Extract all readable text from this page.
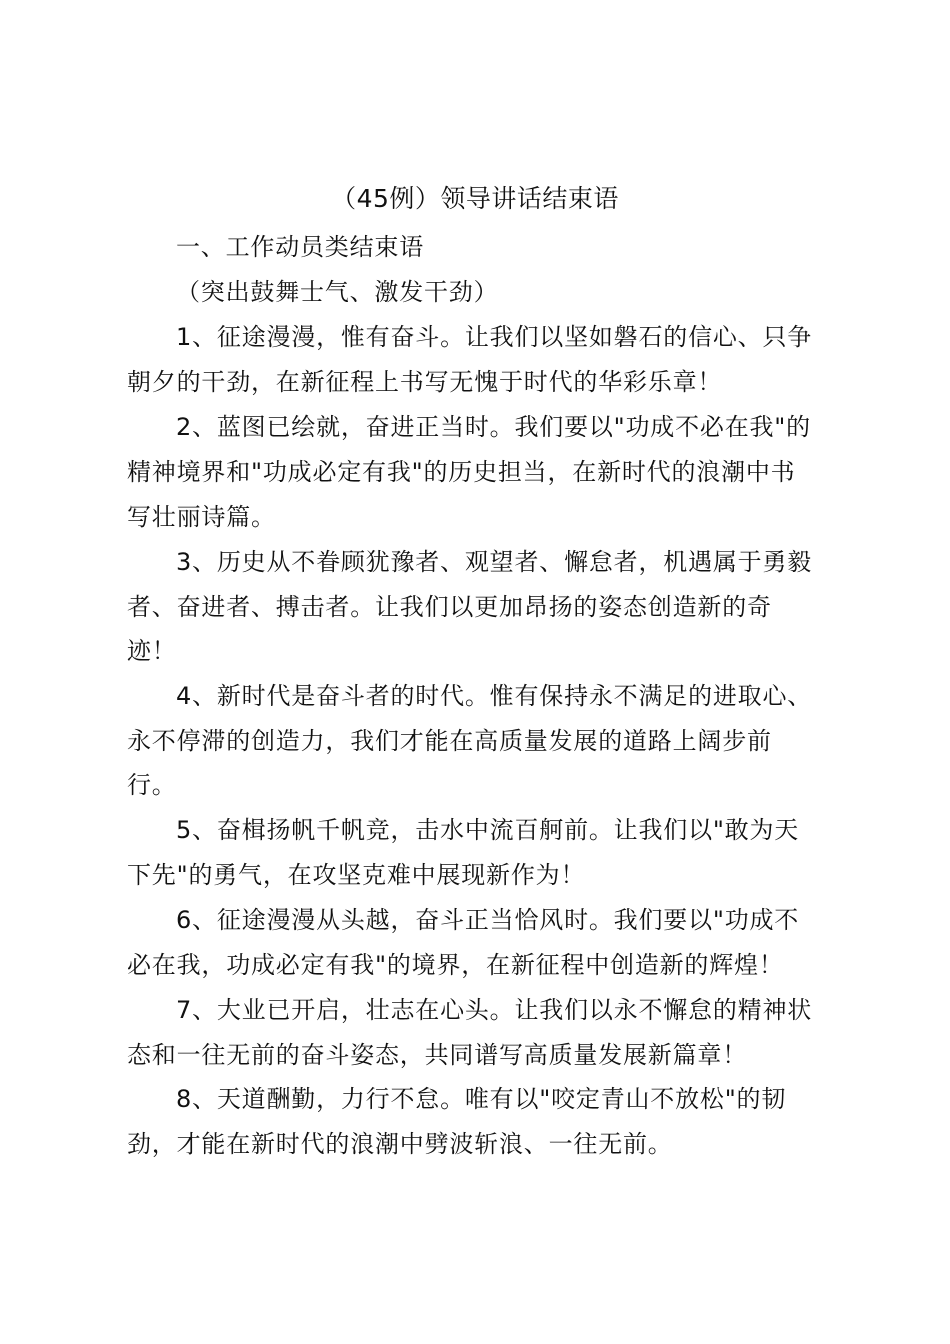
（45例）领导讲话结束语

一、工作动员类结束语

（突出鼓舞士气、激发干劲）

1、征途漫漫，惟有奋斗。让我们以坚如磐石的信心、只争

朝夕的干劲，在新征程上书写无愧于时代的华彩乐章！

2、蓝图已绘就，奋进正当时。我们要以"功成不必在我"的

精神境界和"功成必定有我"的历史担当，在新时代的浪潮中书

写壮丽诗篇。

3、历史从不眷顾犹豫者、观望者、懈怠者，机遇属于勇毅

者、奋进者、搏击者。让我们以更加昂扬的姿态创造新的奇

迹！

4、新时代是奋斗者的时代。惟有保持永不满足的进取心、

永不停滞的创造力，我们才能在高质量发展的道路上阔步前

行。

5、奋楫扬帆千帆竞，击水中流百舸前。让我们以"敢为天

下先"的勇气，在攻坚克难中展现新作为！

6、征途漫漫从头越，奋斗正当恰风时。我们要以"功成不

必在我，功成必定有我"的境界，在新征程中创造新的辉煌！

7、大业已开启，壮志在心头。让我们以永不懈怠的精神状

态和一往无前的奋斗姿态，共同谱写高质量发展新篇章！

8、天道酬勤，力行不怠。唯有以"咬定青山不放松"的韧

劲，才能在新时代的浪潮中劈波斩浪、一往无前。
